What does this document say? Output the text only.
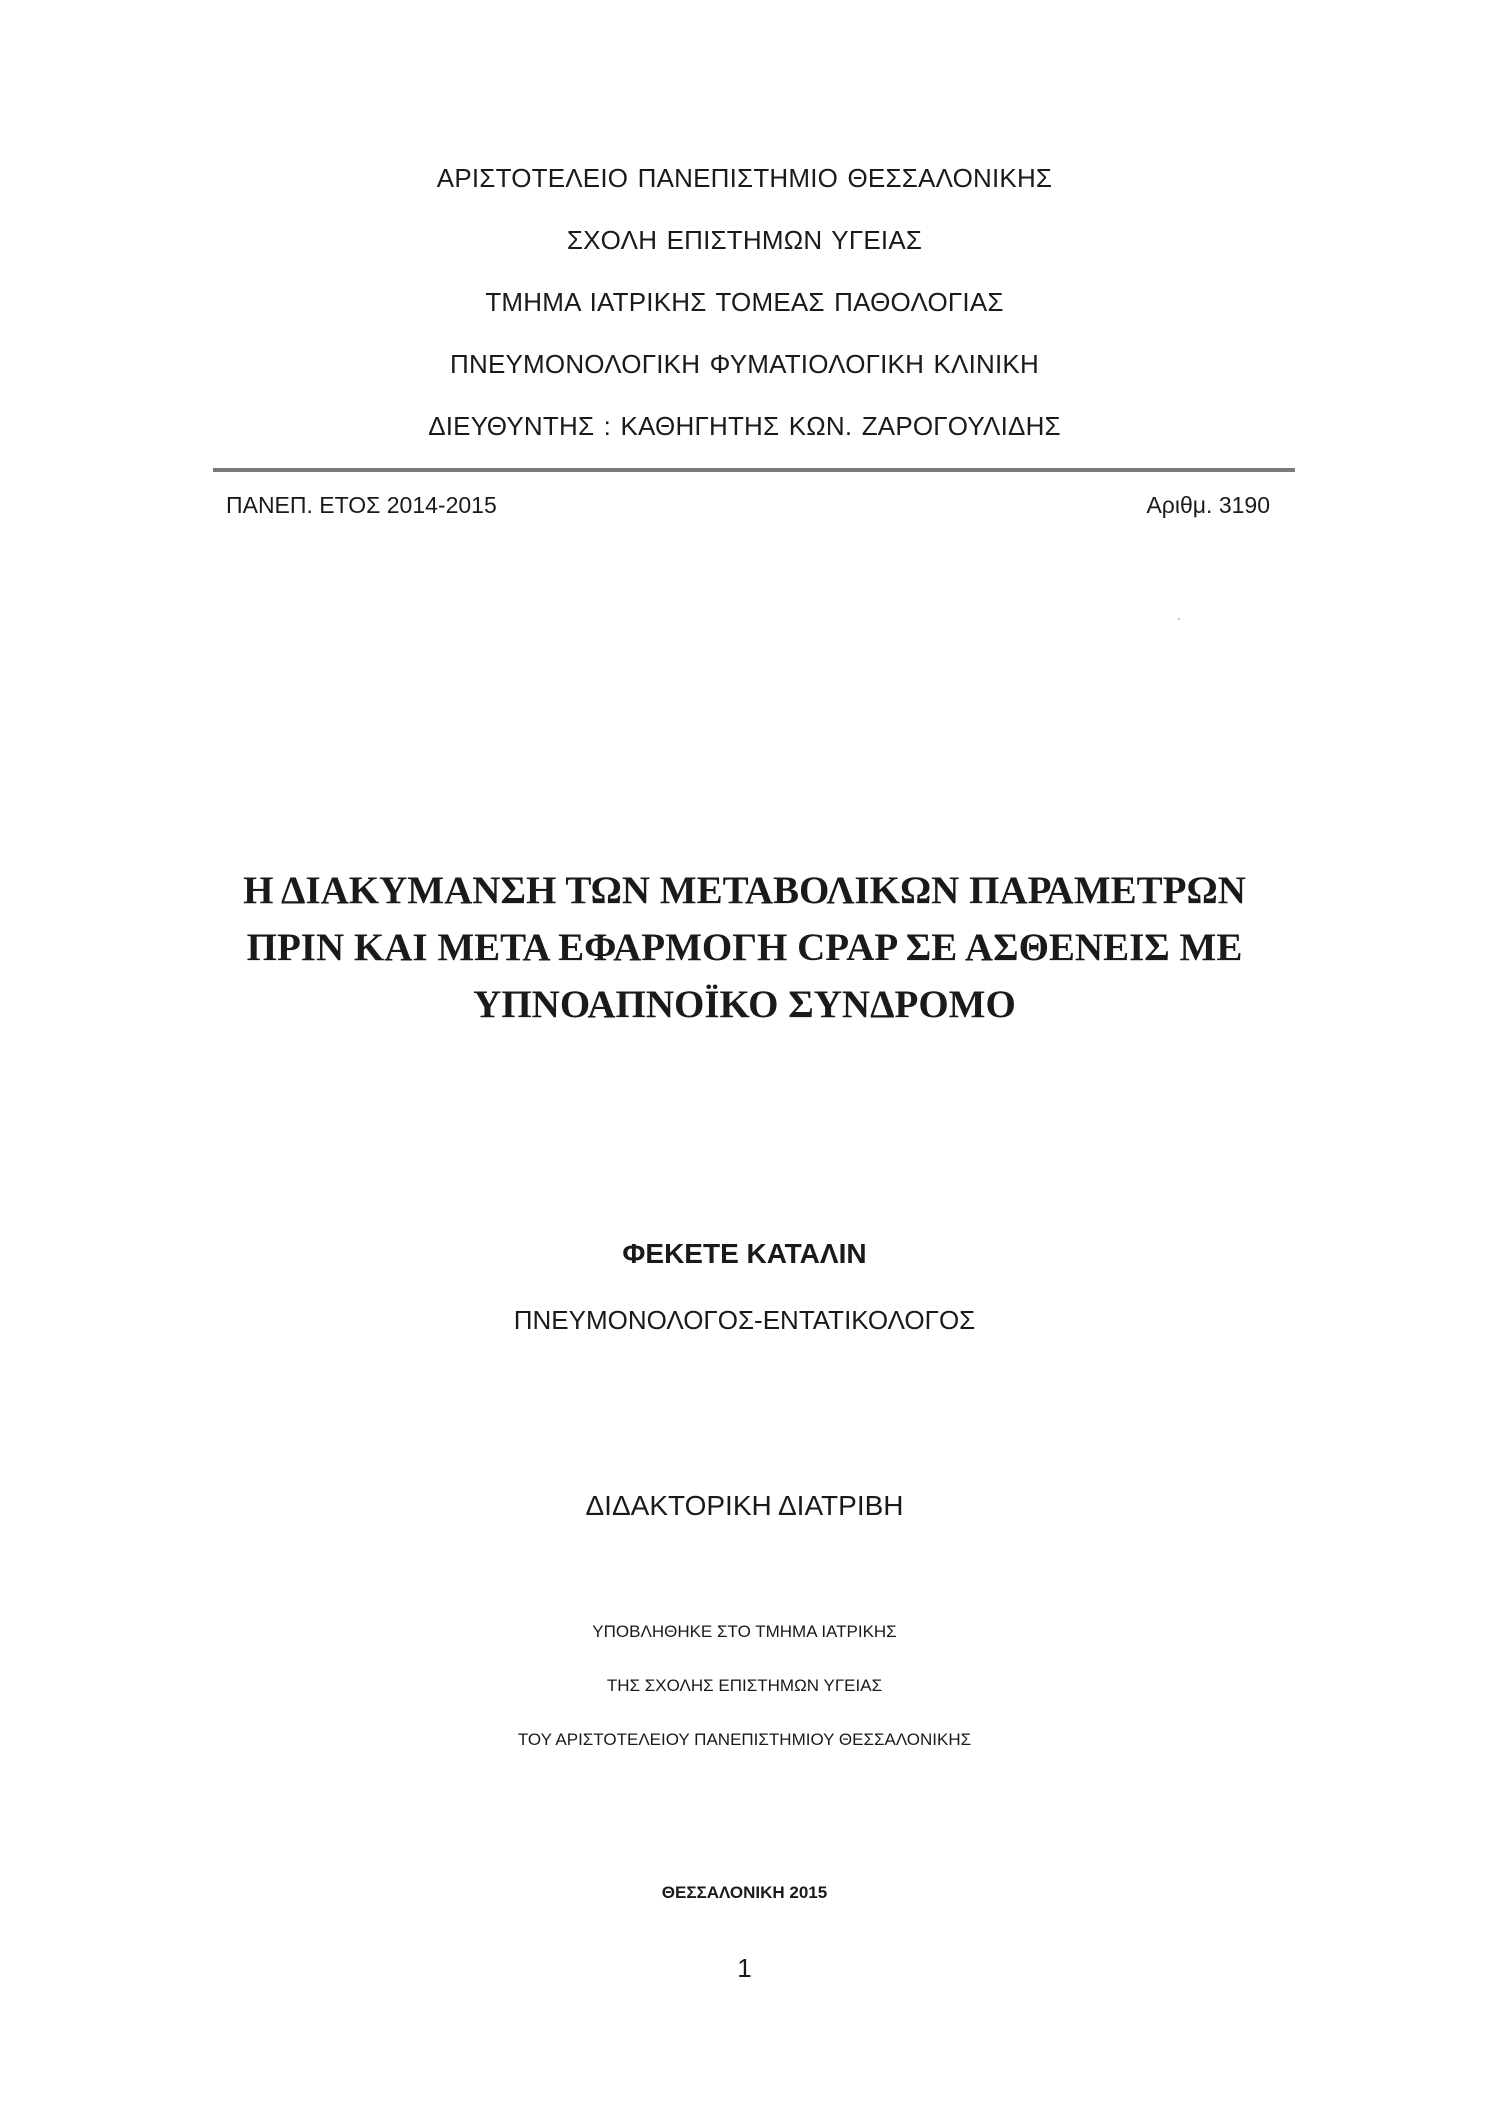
ΑΡΙΣΤΟΤΕΛΕΙΟ ΠΑΝΕΠΙΣΤΗΜΙΟ ΘΕΣΣΑΛΟΝΙΚΗΣ

ΣΧΟΛΗ ΕΠΙΣΤΗΜΩΝ ΥΓΕΙΑΣ

ΤΜΗΜΑ ΙΑΤΡΙΚΗΣ ΤΟΜΕΑΣ ΠΑΘΟΛΟΓΙΑΣ

ΠΝΕΥΜΟΝΟΛΟΓΙΚΗ ΦΥΜΑΤΙΟΛΟΓΙΚΗ ΚΛΙΝΙΚΗ

ΔΙΕΥΘΥΝΤΗΣ : ΚΑΘΗΓΗΤΗΣ ΚΩΝ. ΖΑΡΟΓΟΥΛΙΔΗΣ

ΠΑΝΕΠ. ΕΤΟΣ 2014-2015	Αριθμ. 3190
Η ΔΙΑΚΥΜΑΝΣΗ ΤΩΝ ΜΕΤΑΒΟΛΙΚΩΝ ΠΑΡΑΜΕΤΡΩΝ
ΠΡΙΝ ΚΑΙ ΜΕΤΑ ΕΦΑΡΜΟΓΗ CPAP ΣΕ ΑΣΘΕΝΕΙΣ ΜΕ
ΥΠΝΟΑΠΝΟΪΚΟ ΣΥΝΔΡΟΜΟ

ΦΕΚΕΤΕ ΚΑΤΑΛΙΝ

ΠΝΕΥΜΟΝΟΛΟΓΟΣ-ΕΝΤΑΤΙΚΟΛΟΓΟΣ

ΔΙΔΑΚΤΟΡΙΚΗ ΔΙΑΤΡΙΒΗ

ΥΠΟΒΛΗΘΗΚΕ ΣΤΟ ΤΜΗΜΑ ΙΑΤΡΙΚΗΣ

ΤΗΣ ΣΧΟΛΗΣ ΕΠΙΣΤΗΜΩΝ ΥΓΕΙΑΣ

ΤΟΥ ΑΡΙΣΤΟΤΕΛΕΙΟΥ ΠΑΝΕΠΙΣΤΗΜΙΟΥ ΘΕΣΣΑΛΟΝΙΚΗΣ

ΘΕΣΣΑΛΟΝΙΚΗ 2015

1
